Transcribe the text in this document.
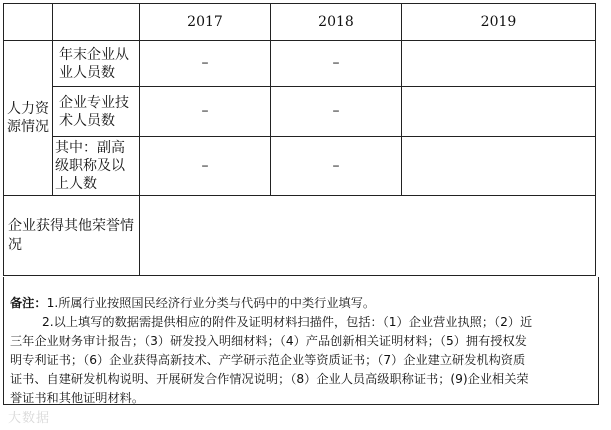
		2017	2018	2019
人力资源情况	年末企业从业人员数	–	–	

	企业专业技术人员数	–	–	

	其中：副高级职称及以上人数	–	–	

企业获得其他荣誉情况				

备注：1.所属行业按照国民经济行业分类与代码中的中类行业填写。
2.以上填写的数据需提供相应的附件及证明材料扫描件，包括：（1）企业营业执照；（2）近
三年企业财务审计报告；（3）研发投入明细材料；（4）产品创新相关证明材料；（5）拥有授权发
明专利证书；（6）企业获得高新技术、产学研示范企业等资质证书；（7）企业建立研发机构资质
证书、自建研发机构说明、开展研发合作情况说明；（8）企业人员高级职称证书；(9)企业相关荣
誉证书和其他证明材料。
大数据
